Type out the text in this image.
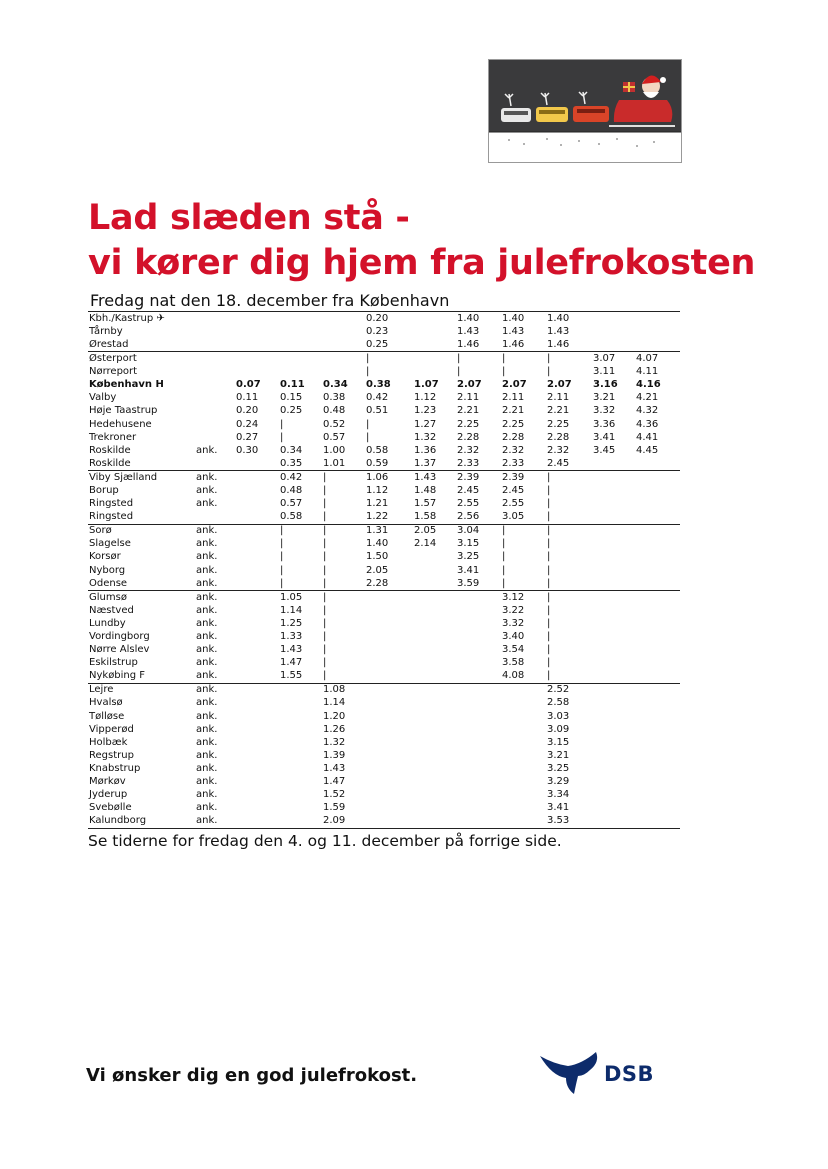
Lad slæden stå -
vi kører dig hjem fra julefrokosten

Fredag nat den 18. december fra København

Kbh./Kastrup ✈					0.20		1.40	1.40	1.40		
Tårnby					0.23		1.43	1.43	1.43		
Ørestad					0.25		1.46	1.46	1.46		
Østerport					|		|	|	|	3.07	4.07
Nørreport					|		|	|	|	3.11	4.11
København H		0.07	0.11	0.34	0.38	1.07	2.07	2.07	2.07	3.16	4.16
Valby		0.11	0.15	0.38	0.42	1.12	2.11	2.11	2.11	3.21	4.21
Høje Taastrup		0.20	0.25	0.48	0.51	1.23	2.21	2.21	2.21	3.32	4.32
Hedehusene		0.24	|	0.52	|	1.27	2.25	2.25	2.25	3.36	4.36
Trekroner		0.27	|	0.57	|	1.32	2.28	2.28	2.28	3.41	4.41
Roskilde	ank.	0.30	0.34	1.00	0.58	1.36	2.32	2.32	2.32	3.45	4.45
Roskilde			0.35	1.01	0.59	1.37	2.33	2.33	2.45		
Viby Sjælland	ank.		0.42	|	1.06	1.43	2.39	2.39	|		
Borup	ank.		0.48	|	1.12	1.48	2.45	2.45	|		
Ringsted	ank.		0.57	|	1.21	1.57	2.55	2.55	|		
Ringsted			0.58	|	1.22	1.58	2.56	3.05	|		
Sorø	ank.		|	|	1.31	2.05	3.04	|	|		
Slagelse	ank.		|	|	1.40	2.14	3.15	|	|		
Korsør	ank.		|	|	1.50		3.25	|	|		
Nyborg	ank.		|	|	2.05		3.41	|	|		
Odense	ank.		|	|	2.28		3.59	|	|		
Glumsø	ank.		1.05	|				3.12	|		
Næstved	ank.		1.14	|				3.22	|		
Lundby	ank.		1.25	|				3.32	|		
Vordingborg	ank.		1.33	|				3.40	|		
Nørre Alslev	ank.		1.43	|				3.54	|		
Eskilstrup	ank.		1.47	|				3.58	|		
Nykøbing F	ank.		1.55	|				4.08	|		
Lejre	ank.			1.08					2.52		
Hvalsø	ank.			1.14					2.58		
Tølløse	ank.			1.20					3.03		
Vipperød	ank.			1.26					3.09		
Holbæk	ank.			1.32					3.15		
Regstrup	ank.			1.39					3.21		
Knabstrup	ank.			1.43					3.25		
Mørkøv	ank.			1.47					3.29		
Jyderup	ank.			1.52					3.34		
Svebølle	ank.			1.59					3.41		
Kalundborg	ank.			2.09					3.53		

Se tiderne for fredag den 4. og 11. december på forrige side.

Vi ønsker dig en god julefrokost.	DSB
